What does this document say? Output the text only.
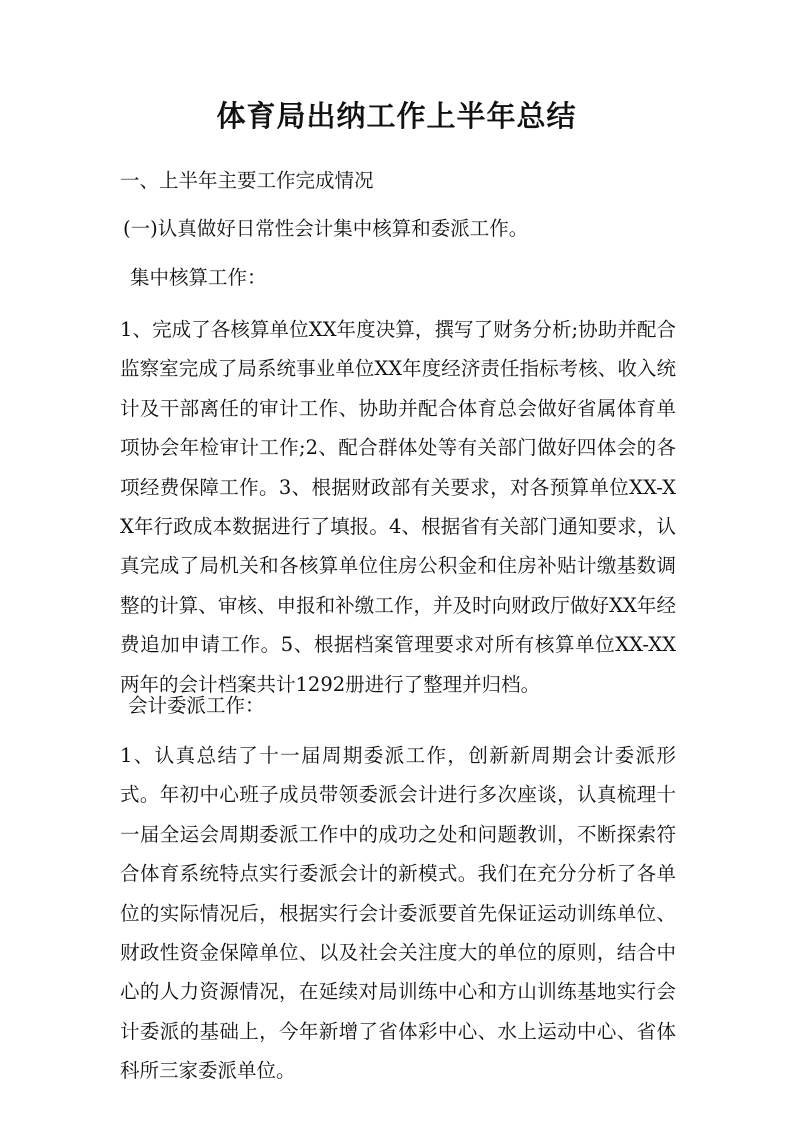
体育局出纳工作上半年总结
一、上半年主要工作完成情况
(一)认真做好日常性会计集中核算和委派工作。
集中核算工作：
1、完成了各核算单位XX年度决算，撰写了财务分析;协助并配合监察室完成了局系统事业单位XX年度经济责任指标考核、收入统计及干部离任的审计工作、协助并配合体育总会做好省属体育单项协会年检审计工作;2、配合群体处等有关部门做好四体会的各项经费保障工作。3、根据财政部有关要求，对各预算单位XX-XX年行政成本数据进行了填报。4、根据省有关部门通知要求，认真完成了局机关和各核算单位住房公积金和住房补贴计缴基数调整的计算、审核、申报和补缴工作，并及时向财政厅做好XX年经费追加申请工作。5、根据档案管理要求对所有核算单位XX-XX两年的会计档案共计1292册进行了整理并归档。
会计委派工作：
1、认真总结了十一届周期委派工作，创新新周期会计委派形式。年初中心班子成员带领委派会计进行多次座谈，认真梳理十一届全运会周期委派工作中的成功之处和问题教训，不断探索符合体育系统特点实行委派会计的新模式。我们在充分分析了各单位的实际情况后，根据实行会计委派要首先保证运动训练单位、财政性资金保障单位、以及社会关注度大的单位的原则，结合中心的人力资源情况，在延续对局训练中心和方山训练基地实行会计委派的基础上，今年新增了省体彩中心、水上运动中心、省体科所三家委派单位。
